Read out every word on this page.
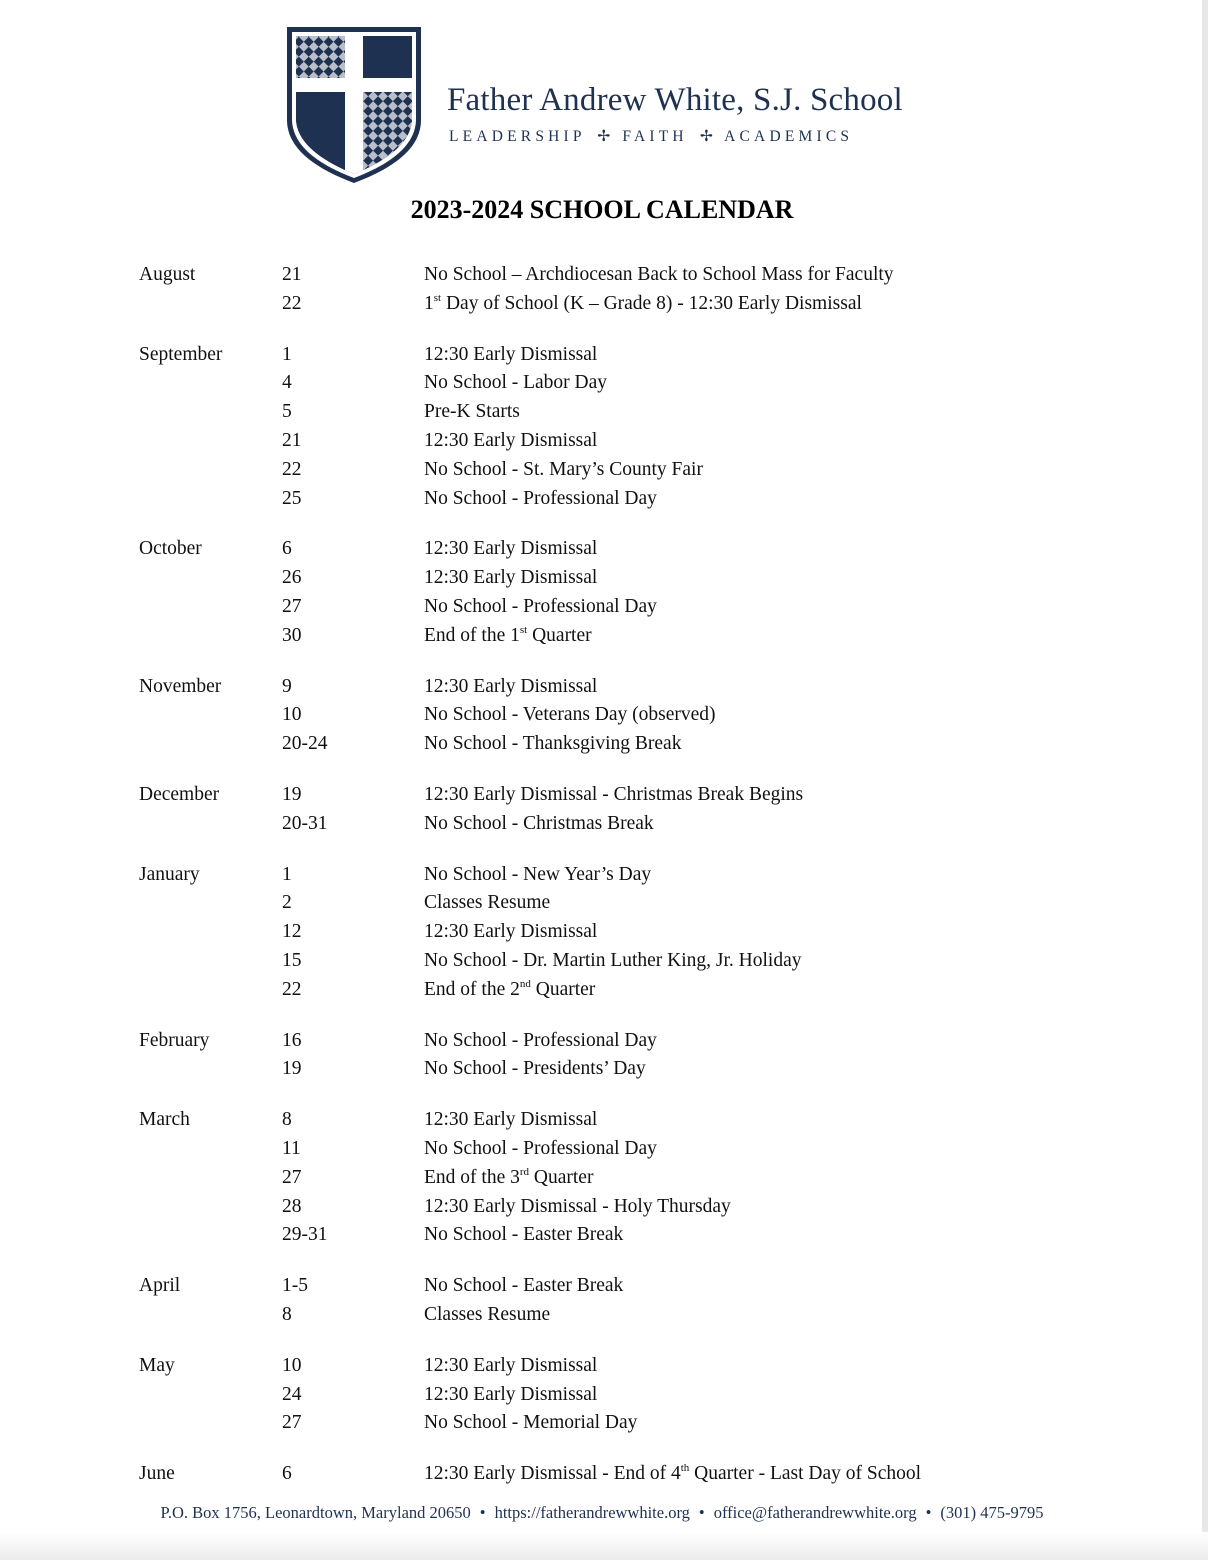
Father Andrew White, S.J. School
LEADERSHIP ✢ FAITH ✢ ACADEMICS
2023-2024 SCHOOL CALENDAR
August	21	No School – Archdiocesan Back to School Mass for Faculty
22	1st Day of School (K – Grade 8) - 12:30 Early Dismissal
September	1	12:30 Early Dismissal
4	No School - Labor Day
5	Pre-K Starts
21	12:30 Early Dismissal
22	No School - St. Mary’s County Fair
25	No School - Professional Day
October	6	12:30 Early Dismissal
26	12:30 Early Dismissal
27	No School - Professional Day
30	End of the 1st Quarter
November	9	12:30 Early Dismissal
10	No School - Veterans Day (observed)
20-24	No School - Thanksgiving Break
December	19	12:30 Early Dismissal - Christmas Break Begins
20-31	No School - Christmas Break
January	1	No School - New Year’s Day
2	Classes Resume
12	12:30 Early Dismissal
15	No School - Dr. Martin Luther King, Jr. Holiday
22	End of the 2nd Quarter
February	16	No School - Professional Day
19	No School - Presidents’ Day
March	8	12:30 Early Dismissal
11	No School - Professional Day
27	End of the 3rd Quarter
28	12:30 Early Dismissal - Holy Thursday
29-31	No School - Easter Break
April	1-5	No School - Easter Break
8	Classes Resume
May	10	12:30 Early Dismissal
24	12:30 Early Dismissal
27	No School - Memorial Day
June	6	12:30 Early Dismissal - End of 4th Quarter - Last Day of School
P.O. Box 1756, Leonardtown, Maryland 20650 • https://fatherandrewwhite.org • office@fatherandrewwhite.org • (301) 475-9795
